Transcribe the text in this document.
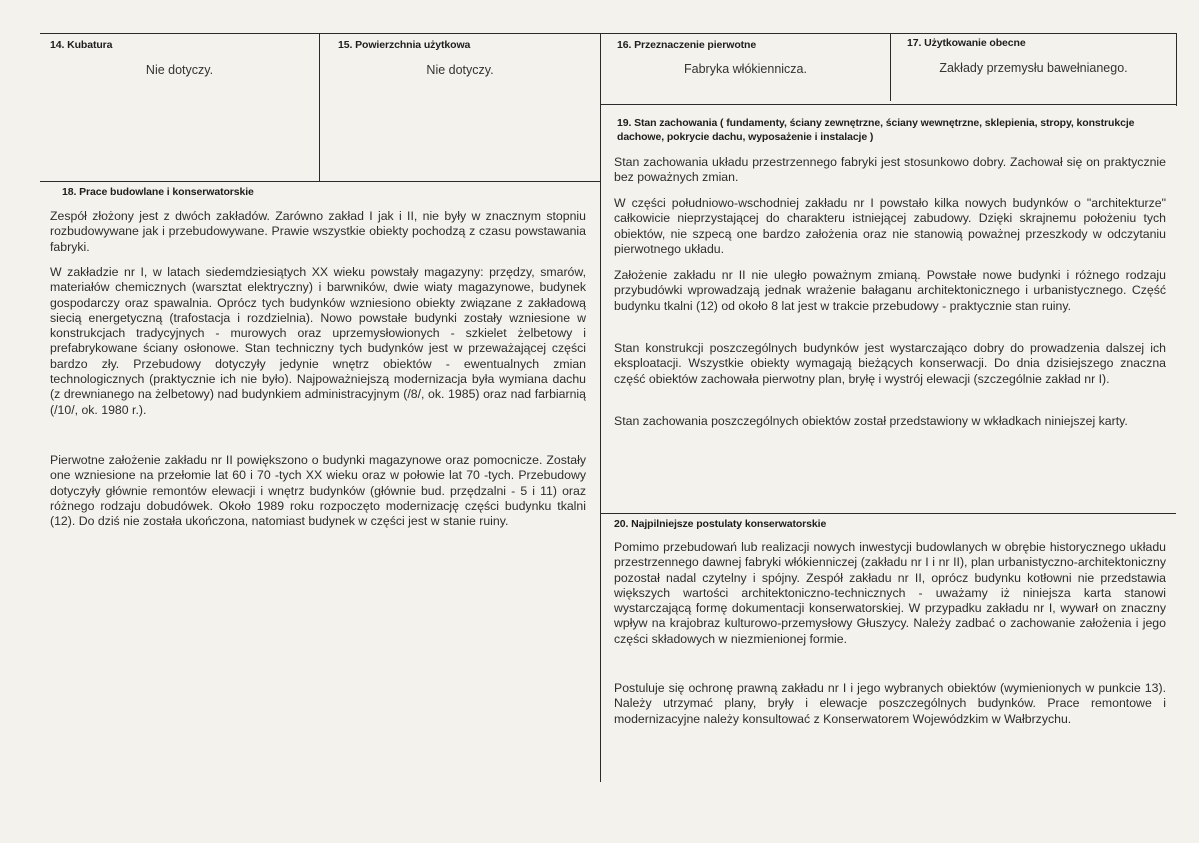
14. Kubatura
Nie dotyczy.
15. Powierzchnia użytkowa
Nie dotyczy.
16. Przeznaczenie pierwotne
Fabryka włókiennicza.
17. Użytkowanie obecne
Zakłady przemysłu bawełnianego.
18. Prace budowlane i konserwatorskie

Zespół złożony jest z dwóch zakładów. Zarówno zakład I jak i II, nie były w znacznym stopniu rozbudowywane jak i przebudowywane. Prawie wszystkie obiekty pochodzą z czasu powstawania fabryki.

W zakładzie nr I, w latach siedemdziesiątych XX wieku powstały magazyny: przędzy, smarów, materiałów chemicznych (warsztat elektryczny) i barwników, dwie wiaty magazynowe, budynek gospodarczy oraz spawalnia. Oprócz tych budynków wzniesiono obiekty związane z zakładową siecią energetyczną (trafostacja i rozdzielnia). Nowo powstałe budynki zostały wzniesione w konstrukcjach tradycyjnych - murowych oraz uprzemysłowionych - szkielet żelbetowy i prefabrykowane ściany osłonowe. Stan techniczny tych budynków jest w przeważającej części bardzo zły. Przebudowy dotyczyły jedynie wnętrz obiektów - ewentualnych zmian technologicznych (praktycznie ich nie było). Najpoważniejszą modernizacja była wymiana dachu (z drewnianego na żelbetowy) nad budynkiem administracyjnym (/8/, ok. 1985) oraz nad farbiarnią (/10/, ok. 1980 r.).

Pierwotne założenie zakładu nr II powiększono o budynki magazynowe oraz pomocnicze. Zostały one wzniesione na przełomie lat 60 i 70 -tych XX wieku oraz w połowie lat 70 -tych. Przebudowy dotyczyły głównie remontów elewacji i wnętrz budynków (głównie bud. przędzalni - 5 i 11) oraz różnego rodzaju dobudówek. Około 1989 roku rozpoczęto modernizację części budynku tkalni (12). Do dziś nie została ukończona, natomiast budynek w części jest w stanie ruiny.

19. Stan zachowania ( fundamenty, ściany zewnętrzne, ściany wewnętrzne, sklepienia, stropy, konstrukcje dachowe, pokrycie dachu, wyposażenie i instalacje )

Stan zachowania układu przestrzennego fabryki jest stosunkowo dobry. Zachował się on praktycznie bez poważnych zmian.

W części południowo-wschodniej zakładu nr I powstało kilka nowych budynków o "architekturze" całkowicie nieprzystającej do charakteru istniejącej zabudowy. Dzięki skrajnemu położeniu tych obiektów, nie szpecą one bardzo założenia oraz nie stanowią poważnej przeszkody w odczytaniu pierwotnego układu.

Założenie zakładu nr II nie uległo poważnym zmianą. Powstałe nowe budynki i różnego rodzaju przybudówki wprowadzają jednak wrażenie bałaganu architektonicznego i urbanistycznego. Część budynku tkalni (12) od około 8 lat jest w trakcie przebudowy - praktycznie stan ruiny.

Stan konstrukcji poszczególnych budynków jest wystarczająco dobry do prowadzenia dalszej ich eksploatacji. Wszystkie obiekty wymagają bieżących konserwacji. Do dnia dzisiejszego znaczna część obiektów zachowała pierwotny plan, bryłę i wystrój elewacji (szczególnie zakład nr I).

Stan zachowania poszczególnych obiektów został przedstawiony w wkładkach niniejszej karty.

20. Najpilniejsze postulaty konserwatorskie

Pomimo przebudowań lub realizacji nowych inwestycji budowlanych w obrębie historycznego układu przestrzennego dawnej fabryki włókienniczej (zakładu nr I i nr II), plan urbanistyczno-architektoniczny pozostał nadal czytelny i spójny. Zespół zakładu nr II, oprócz budynku kotłowni nie przedstawia większych wartości architektoniczno-technicznych - uważamy iż niniejsza karta stanowi wystarczającą formę dokumentacji konserwatorskiej. W przypadku zakładu nr I, wywarł on znaczny wpływ na krajobraz kulturowo-przemysłowy Głuszycy. Należy zadbać o zachowanie założenia i jego części składowych w niezmienionej formie.

Postuluje się ochronę prawną zakładu nr I i jego wybranych obiektów (wymienionych w punkcie 13). Należy utrzymać plany, bryły i elewacje poszczególnych budynków. Prace remontowe i modernizacyjne należy konsultować z Konserwatorem Wojewódzkim w Wałbrzychu.
